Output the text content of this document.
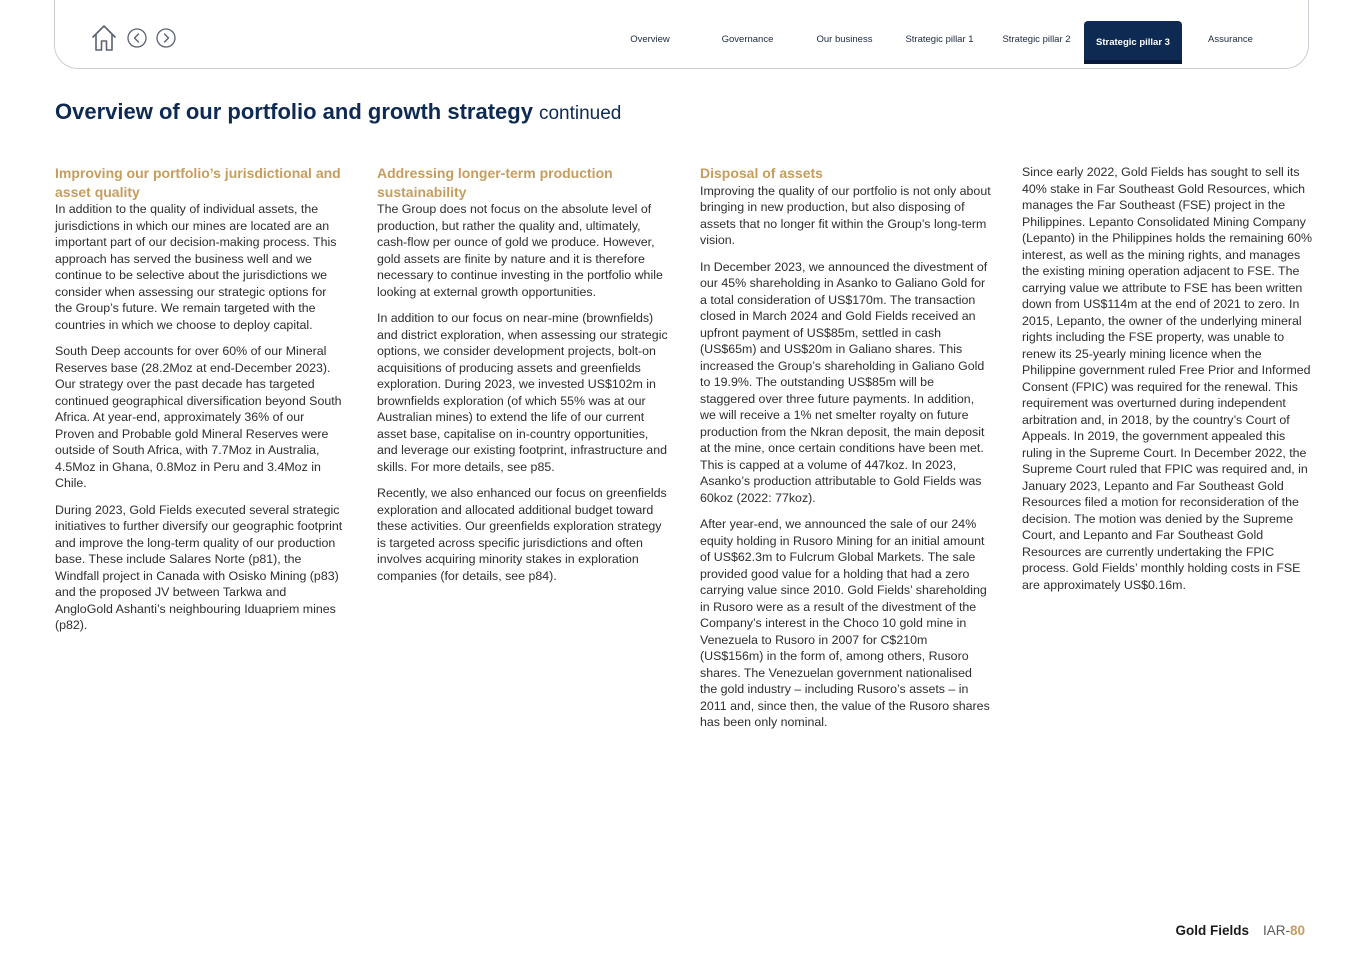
Overview	Governance	Our business	Strategic pillar 1	Strategic pillar 2	Strategic pillar 3	Assurance
Overview of our portfolio and growth strategy continued
Improving our portfolio’s jurisdictional and asset quality

In addition to the quality of individual assets, the jurisdictions in which our mines are located are an important part of our decision-making process. This approach has served the business well and we continue to be selective about the jurisdictions we consider when assessing our strategic options for the Group’s future. We remain targeted with the countries in which we choose to deploy capital.

South Deep accounts for over 60% of our Mineral Reserves base (28.2Moz at end-December 2023). Our strategy over the past decade has targeted continued geographical diversification beyond South Africa. At year-end, approximately 36% of our Proven and Probable gold Mineral Reserves were outside of South Africa, with 7.7Moz in Australia, 4.5Moz in Ghana, 0.8Moz in Peru and 3.4Moz in Chile.

During 2023, Gold Fields executed several strategic initiatives to further diversify our geographic footprint and improve the long-term quality of our production base. These include Salares Norte (p81), the Windfall project in Canada with Osisko Mining (p83) and the proposed JV between Tarkwa and AngloGold Ashanti’s neighbouring Iduapriem mines (p82).

Addressing longer-term production sustainability

The Group does not focus on the absolute level of production, but rather the quality and, ultimately, cash-flow per ounce of gold we produce. However, gold assets are finite by nature and it is therefore necessary to continue investing in the portfolio while looking at external growth opportunities.

In addition to our focus on near-mine (brownfields) and district exploration, when assessing our strategic options, we consider development projects, bolt-on acquisitions of producing assets and greenfields exploration. During 2023, we invested US$102m in brownfields exploration (of which 55% was at our Australian mines) to extend the life of our current asset base, capitalise on in-country opportunities, and leverage our existing footprint, infrastructure and skills. For more details, see p85.

Recently, we also enhanced our focus on greenfields exploration and allocated additional budget toward these activities. Our greenfields exploration strategy is targeted across specific jurisdictions and often involves acquiring minority stakes in exploration companies (for details, see p84).

Disposal of assets

Improving the quality of our portfolio is not only about bringing in new production, but also disposing of assets that no longer fit within the Group’s long-term vision.

In December 2023, we announced the divestment of our 45% shareholding in Asanko to Galiano Gold for a total consideration of US$170m. The transaction closed in March 2024 and Gold Fields received an upfront payment of US$85m, settled in cash (US$65m) and US$20m in Galiano shares. This increased the Group’s shareholding in Galiano Gold to 19.9%. The outstanding US$85m will be staggered over three future payments. In addition, we will receive a 1% net smelter royalty on future production from the Nkran deposit, the main deposit at the mine, once certain conditions have been met. This is capped at a volume of 447koz. In 2023, Asanko’s production attributable to Gold Fields was 60koz (2022: 77koz).

After year-end, we announced the sale of our 24% equity holding in Rusoro Mining for an initial amount of US$62.3m to Fulcrum Global Markets. The sale provided good value for a holding that had a zero carrying value since 2010. Gold Fields’ shareholding in Rusoro were as a result of the divestment of the Company’s interest in the Choco 10 gold mine in Venezuela to Rusoro in 2007 for C$210m (US$156m) in the form of, among others, Rusoro shares. The Venezuelan government nationalised the gold industry – including Rusoro’s assets – in 2011 and, since then, the value of the Rusoro shares has been only nominal.

Since early 2022, Gold Fields has sought to sell its 40% stake in Far Southeast Gold Resources, which manages the Far Southeast (FSE) project in the Philippines. Lepanto Consolidated Mining Company (Lepanto) in the Philippines holds the remaining 60% interest, as well as the mining rights, and manages the existing mining operation adjacent to FSE. The carrying value we attribute to FSE has been written down from US$114m at the end of 2021 to zero. In 2015, Lepanto, the owner of the underlying mineral rights including the FSE property, was unable to renew its 25-yearly mining licence when the Philippine government ruled Free Prior and Informed Consent (FPIC) was required for the renewal. This requirement was overturned during independent arbitration and, in 2018, by the country’s Court of Appeals. In 2019, the government appealed this ruling in the Supreme Court. In December 2022, the Supreme Court ruled that FPIC was required and, in January 2023, Lepanto and Far Southeast Gold Resources filed a motion for reconsideration of the decision. The motion was denied by the Supreme Court, and Lepanto and Far Southeast Gold Resources are currently undertaking the FPIC process. Gold Fields’ monthly holding costs in FSE are approximately US$0.16m.

Gold Fields IAR-80
